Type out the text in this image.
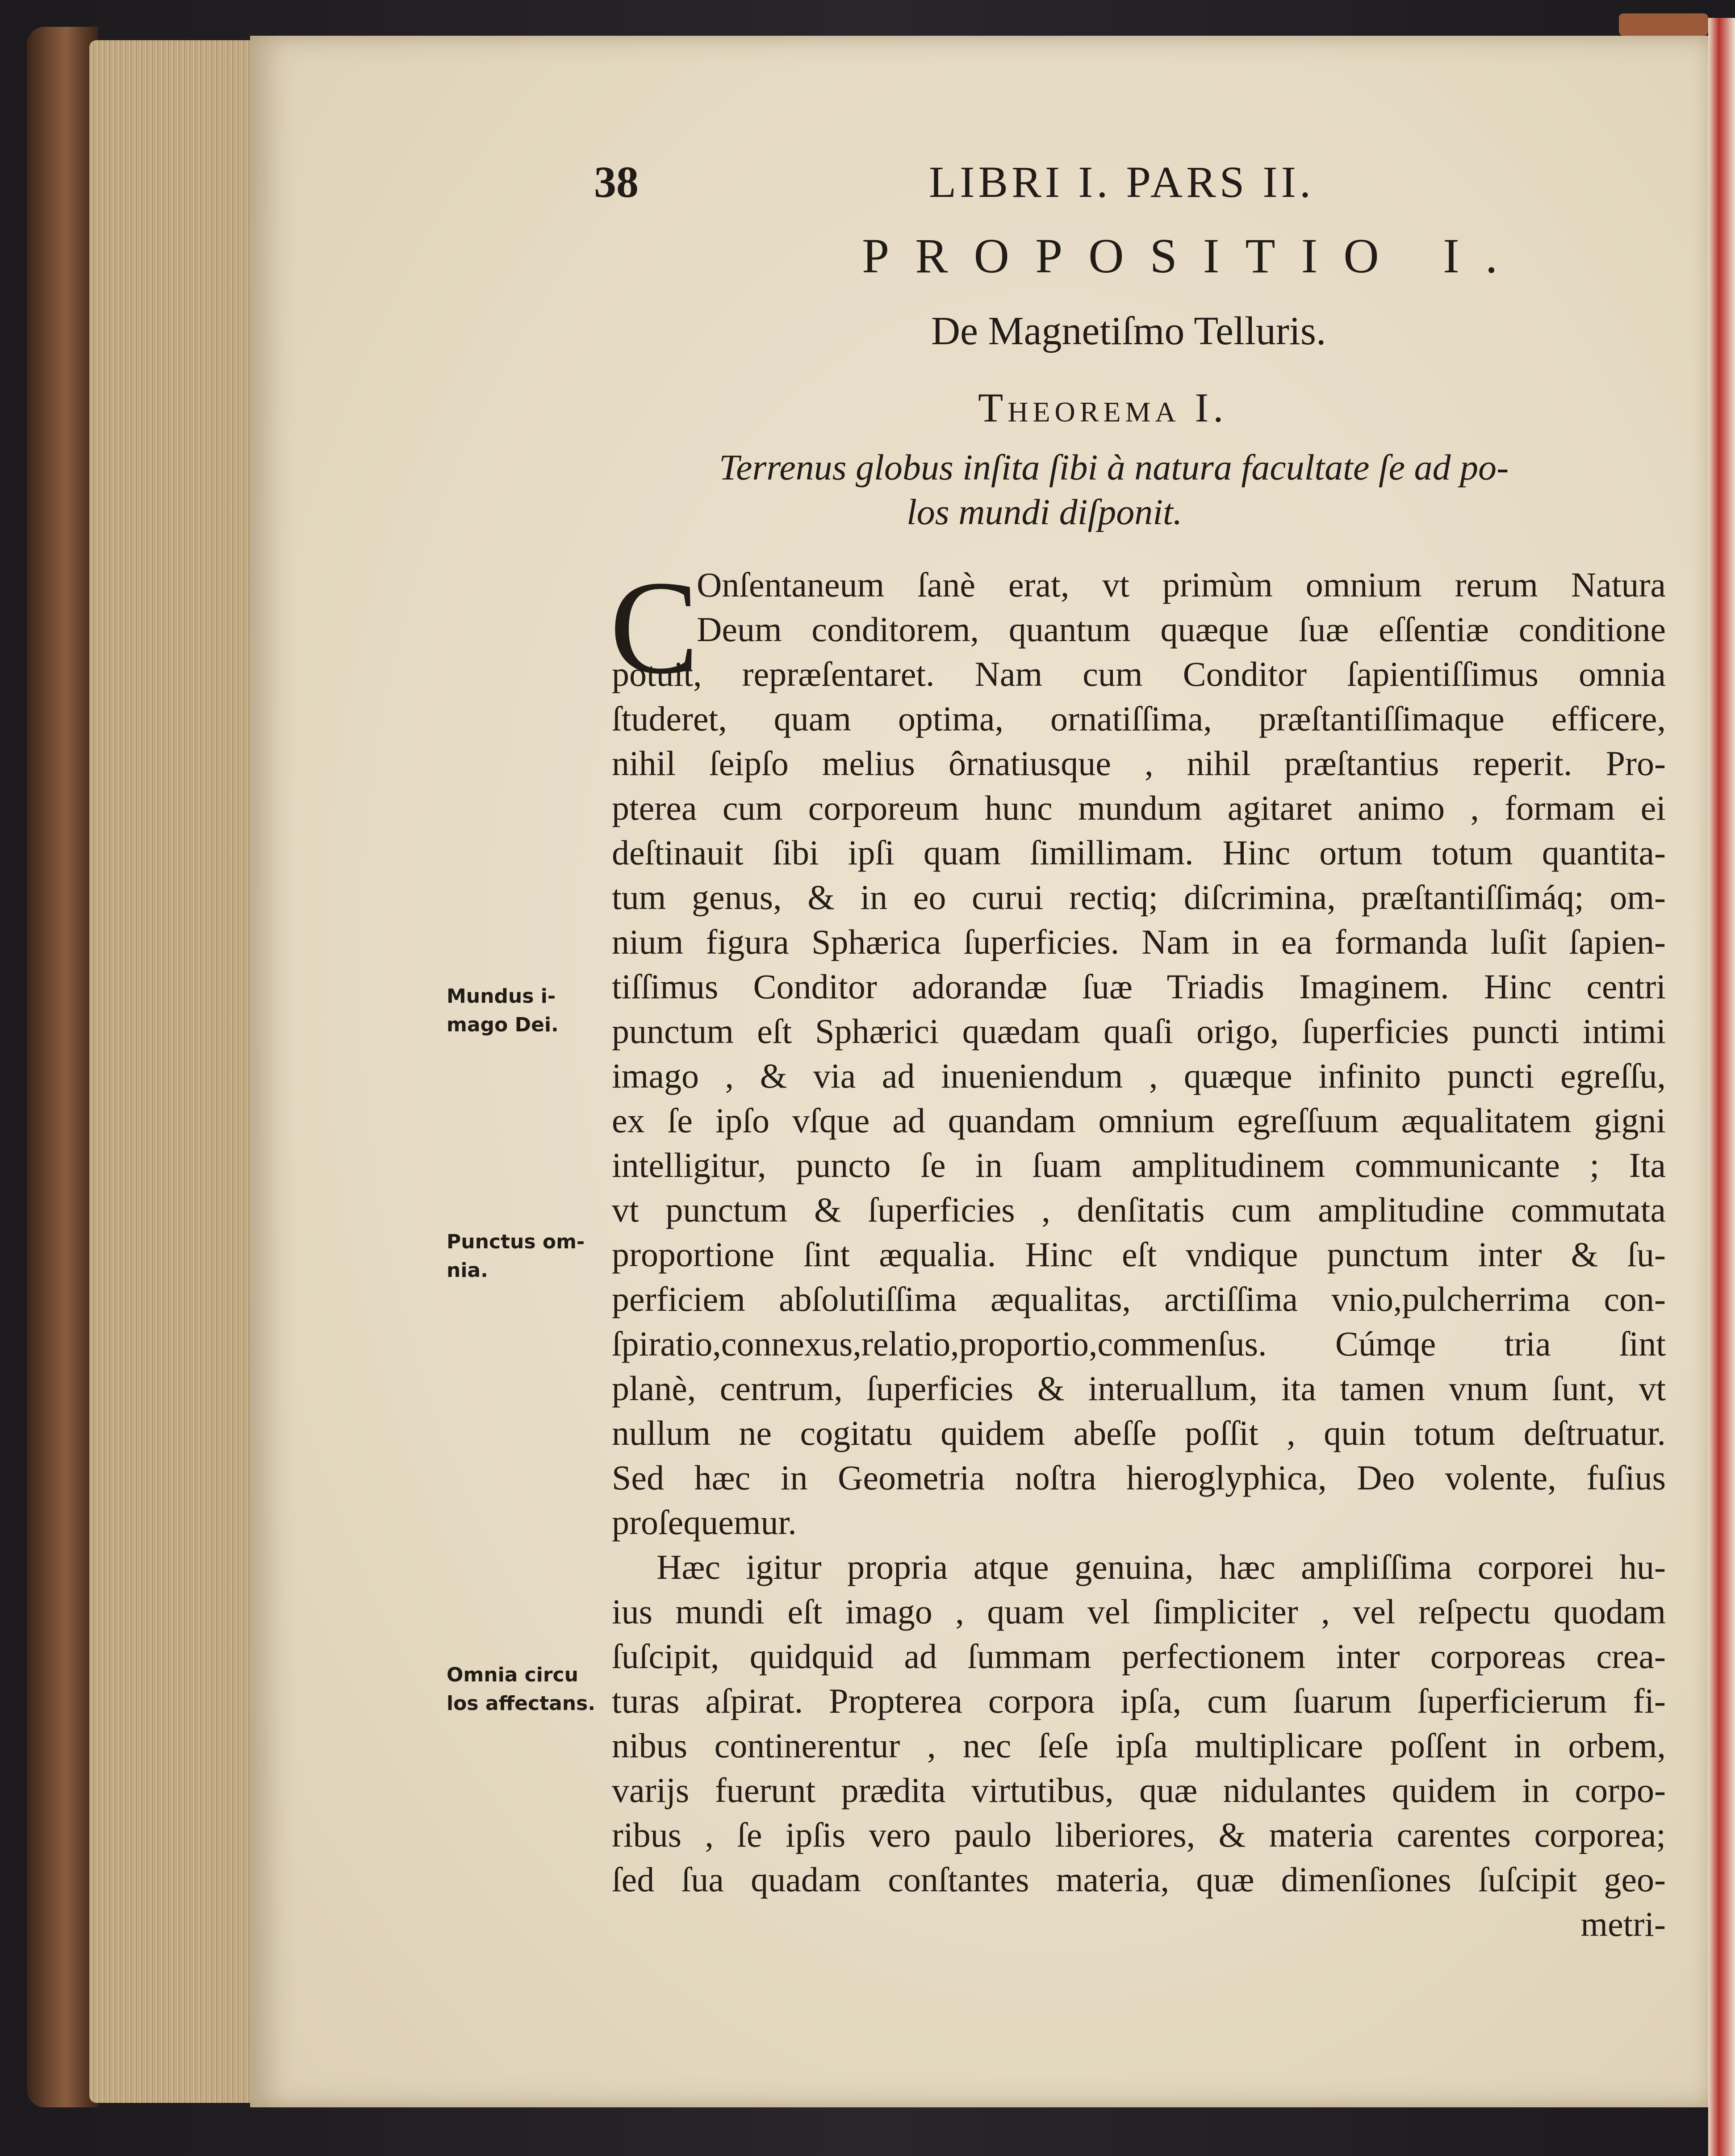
38	LIBRI I. PARS II.
PROPOSITIO I.
De Magnetiſmo Telluris.
Theorema I.
Terrenus globus inſita ſibi à natura facultate ſe ad po-
los mundi diſponit.
C
Onſentaneum ſanè erat, vt primùm omnium rerum Natura
Deum conditorem, quantum quæque ſuæ eſſentiæ conditione
potuit, repræſentaret. Nam cum Conditor ſapientiſſimus omnia
ſtuderet, quam optima, ornatiſſima, præſtantiſſimaque efficere,
nihil ſeipſo melius ôrnatiusque , nihil præſtantius reperit. Pro-
pterea cum corporeum hunc mundum agitaret animo , formam ei
deſtinauit ſibi ipſi quam ſimillimam. Hinc ortum totum quantita-
tum genus, & in eo curui rectiq; diſcrimina, præſtantiſſimáq; om-
nium figura Sphærica ſuperficies. Nam in ea formanda luſit ſapien-
tiſſimus Conditor adorandæ ſuæ Triadis Imaginem. Hinc centri
punctum eſt Sphærici quædam quaſi origo, ſuperficies puncti intimi
imago , & via ad inueniendum , quæque infinito puncti egreſſu,
ex ſe ipſo vſque ad quandam omnium egreſſuum æqualitatem gigni
intelligitur, puncto ſe in ſuam amplitudinem communicante ; Ita
vt punctum & ſuperficies , denſitatis cum amplitudine commutata
proportione ſint æqualia. Hinc eſt vndique punctum inter & ſu-
perficiem abſolutiſſima æqualitas, arctiſſima vnio,pulcherrima con-
ſpiratio,connexus,relatio,proportio,commenſus. Cúmqe tria ſint
planè, centrum, ſuperficies & interuallum, ita tamen vnum ſunt, vt
nullum ne cogitatu quidem abeſſe poſſit , quin totum deſtruatur.
Sed hæc in Geometria noſtra hieroglyphica, Deo volente, fuſius
proſequemur.
Hæc igitur propria atque genuina, hæc ampliſſima corporei hu-
ius mundi eſt imago , quam vel ſimpliciter , vel reſpectu quodam
ſuſcipit, quidquid ad ſummam perfectionem inter corporeas crea-
turas aſpirat. Propterea corpora ipſa, cum ſuarum ſuperficierum fi-
nibus continerentur , nec ſeſe ipſa multiplicare poſſent in orbem,
varijs fuerunt prædita virtutibus, quæ nidulantes quidem in corpo-
ribus , ſe ipſis vero paulo liberiores, & materia carentes corporea;
ſed ſua quadam conſtantes materia, quæ dimenſiones ſuſcipit geo-
metri-
Mundus i-
mago Dei.
Punctus om-
nia.
Omnia circu
los affectans.
